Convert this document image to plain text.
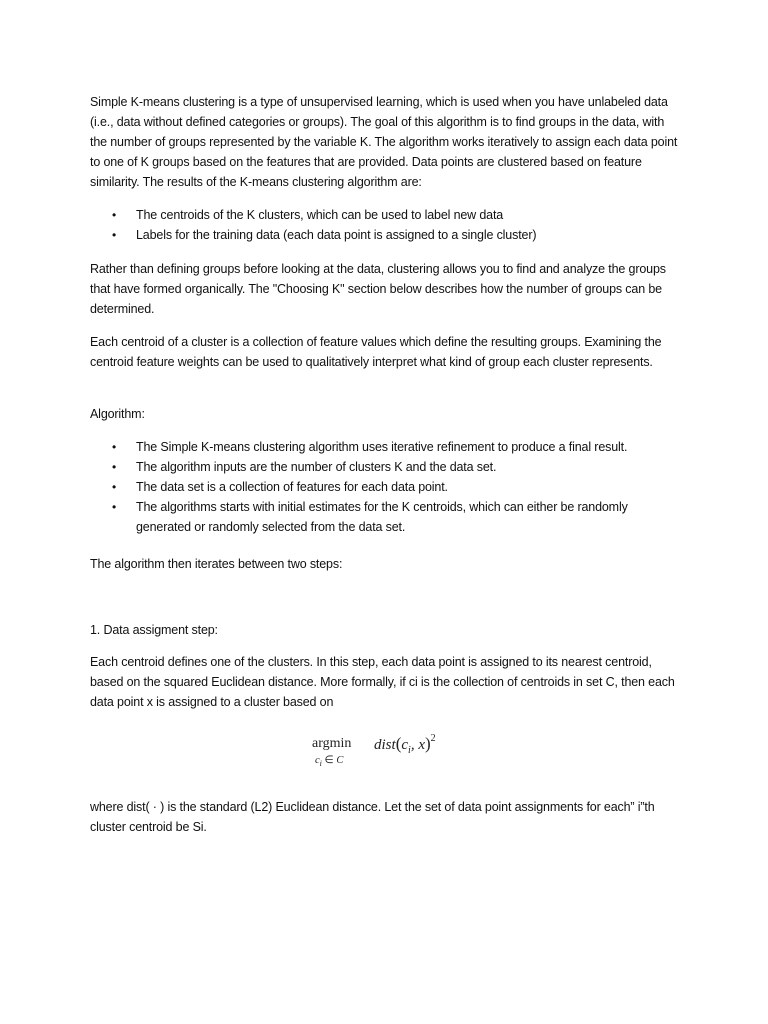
Simple K-means clustering is a type of unsupervised learning, which is used when you have unlabeled data (i.e., data without defined categories or groups). The goal of this algorithm is to find groups in the data, with the number of groups represented by the variable K. The algorithm works iteratively to assign each data point to one of K groups based on the features that are provided. Data points are clustered based on feature similarity. The results of the K-means clustering algorithm are:

• The centroids of the K clusters, which can be used to label new data
• Labels for the training data (each data point is assigned to a single cluster)

Rather than defining groups before looking at the data, clustering allows you to find and analyze the groups that have formed organically. The "Choosing K" section below describes how the number of groups can be determined.

Each centroid of a cluster is a collection of feature values which define the resulting groups. Examining the centroid feature weights can be used to qualitatively interpret what kind of group each cluster represents.

Algorithm:

• The Simple K-means clustering algorithm uses iterative refinement to produce a final result.
• The algorithm inputs are the number of clusters K and the data set.
• The data set is a collection of features for each data point.
• The algorithms starts with initial estimates for the K centroids, which can either be randomly generated or randomly selected from the data set.

The algorithm then iterates between two steps:

1. Data assigment step:

Each centroid defines one of the clusters. In this step, each data point is assigned to its nearest centroid, based on the squared Euclidean distance. More formally, if ci is the collection of centroids in set C, then each data point x is assigned to a cluster based on

argmin
$c_i$ ∈ C
$dist(c_i$, x)$^2$

where dist( · ) is the standard (L2) Euclidean distance. Let the set of data point assignments for each” i”th cluster centroid be Si.
